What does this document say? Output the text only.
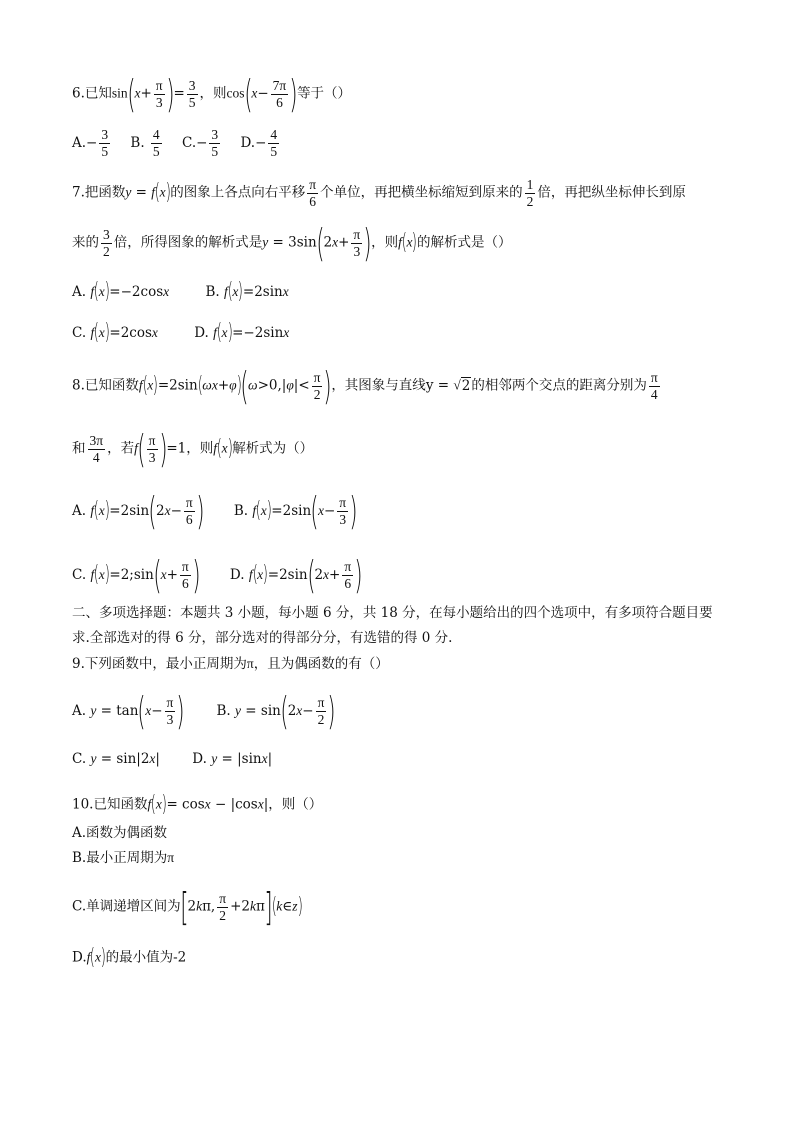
6.已知$\sin(x+ \frac{\pi}{3}$ )= $\frac{3}{5}$ ，则$\cos(x- \frac{7\pi}{6}$ )等于（）
$A.- \frac{3}{5} B$. $\frac{4}{5} C.- \frac{3}{5} D.- \frac{4}{5}$
7.把函数y = f(x)的图象上各点向右平移 $\frac{\pi}{6}$ 个单位，再把横坐标缩短到原来的 $\frac{1}{2}$ 倍，再把纵坐标伸长到原
来的 $\frac{3}{2}$ 倍，所得图象的解析式是$y = 3\sin(2x+ \frac{\pi}{3}$ )，则f(x)的解析式是（）
A. f(x)=−2cosx	B. f(x)=2sinx
C. f(x)=2cosx	D. f(x)=−2sinx
8.已知函数$f(x)=2\sin(\omega x+\varphi)(\omega>0,|\varphi|< \frac{\pi}{2}$ )，其图象与直线y = √2的相邻两个交点的距离分别为 $\frac{\pi}{4}$
和 $\frac{3\pi}{4}$ ，若$f( \frac{\pi}{3} )=1$，则f(x)解析式为（）
A. $f(x)=2\sin(2x- \frac{\pi}{6}$ ) B. $f(x)=2\sin(x- \frac{\pi}{3}$ )
C. f(x)=2;sin(x+ $\frac{\pi}{6}$ ) D. $f(x)=2\sin(2x+ \frac{\pi}{6}$ )
二、多项选择题：本题共 3 小题，每小题 6 分，共 18 分，在每小题给出的四个选项中，有多项符合题目要
求.全部选对的得 6 分，部分选对的得部分分，有选错的得 0 分.
9.下列函数中，最小正周期为π，且为偶函数的有（）
A. $y = \tan(x- \frac{\pi}{3}$ ) B. $y = \sin(2x- \frac{\pi}{2}$ )
C. y = sin|2x| D. y = |sinx|
10.已知函数f(x)= cosx − |cosx|，则（）
A.函数为偶函数
B.最小正周期为π
C.单调递增区间为[2kπ, $\frac{\pi}{2}$ +2kπ](k∈z)
D.f(x)的最小值为-2
